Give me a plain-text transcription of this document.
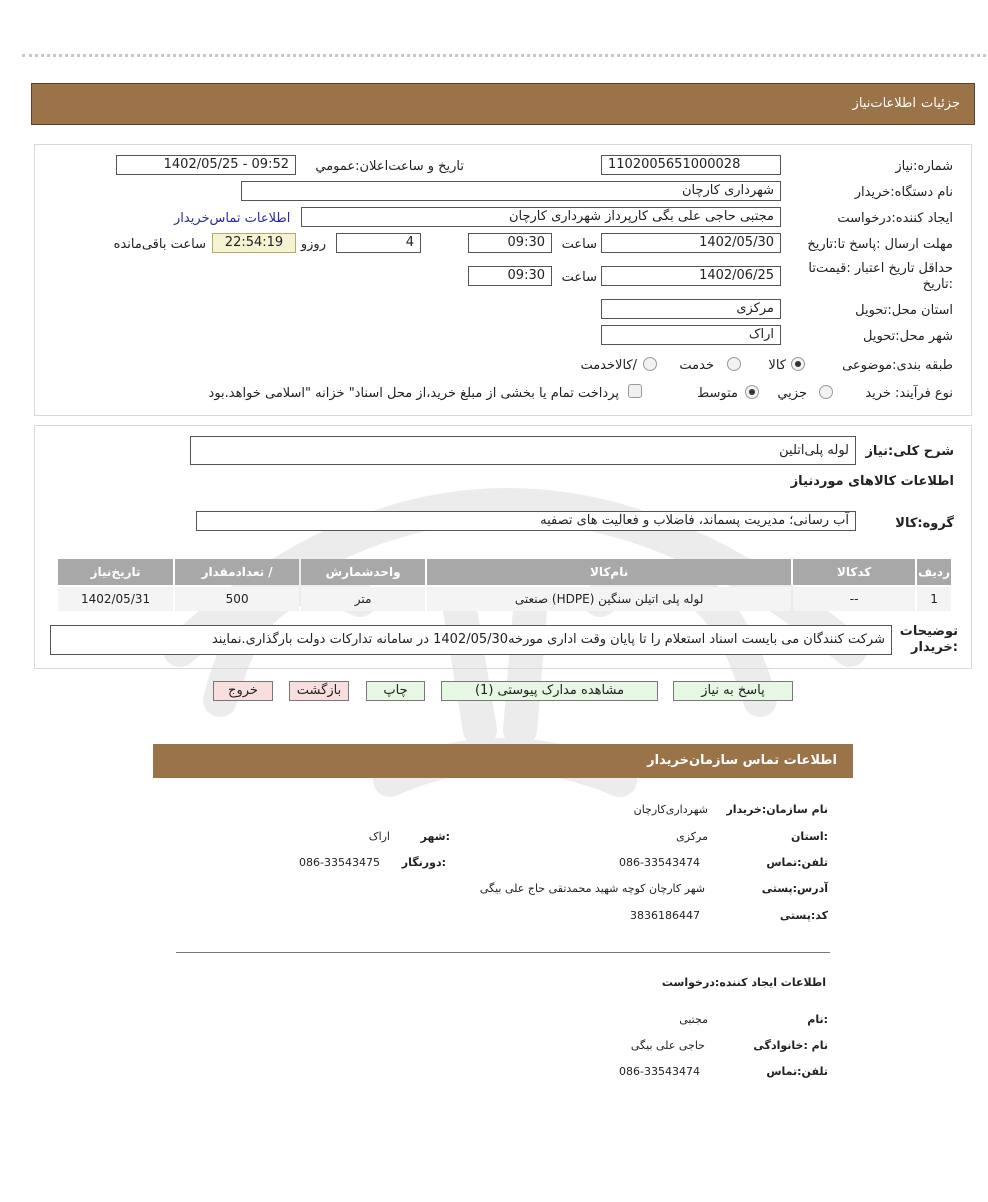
جزئیات
اطلاعات‌نیاز
شماره:نیاز
1102005651000028
تاریخ و ساعت‌اعلان:عمومي
1402/05/25 - 09:52
نام دستگاه:خریدار
شهرداری کارچان
ایجاد کننده:درخواست
مجتبی حاجی علی بگی کارپرداز شهرداری کارچان
اطلاعات تماس‌خریدار
مهلت ارسال :پاسخ تا:تاریخ
1402/05/30
ساعت
09:30
4
روزو
22:54:19
ساعت باقی‌مانده
حداقل تاریخ اعتبار :قیمت‌تا :تاریخ
1402/06/25
ساعت
09:30
استان محل:تحویل
مرکزی
شهر محل:تحویل
اراک
طبقه بندی:موضوعی
کالا
خدمت
/کالاخدمت
نوع فرآیند: خرید
جزیي
متوسط
پرداخت تمام یا بخشی از مبلغ خرید،از محل اسناد" خزانه "اسلامی خواهد.بود
شرح کلی:نیاز
لوله پلی‌اتلین
اطلاعات کالاهای موردنیاز
گروه:کالا
آب رسانی؛ مدیریت پسماند، فاضلاب و فعالیت های تصفیه
ردیف	کدکالا	نام‌کالا	واحدشمارش	/ تعدادمقدار	تاریخ‌نیاز
1	--	لوله پلی اتیلن سنگین (HDPE) صنعتی	متر	500	1402/05/31
توضیحات :خریدار
شرکت کنندگان می بایست اسناد استعلام را تا پایان وقت اداری مورخه1402/05/30 در سامانه تدارکات دولت بارگذاری.نمایند
پاسخ به نیاز
مشاهده مدارک پیوستی (1)
چاپ
بازگشت
خروج
اطلاعات تماس سازمان‌خریدار
نام سازمان:خریدار
شهرداری‌کارچان
:استان
مرکزی
:شهر
اراک
تلفن:تماس
086-33543474
:دورنگار
086-33543475
آدرس:پستی
شهر کارچان کوچه شهید محمدتقی حاج علی بیگی
کد:پستی
3836186447
اطلاعات ایجاد کننده:درخواست
:نام
مجتبی
نام :خانوادگی
حاجی علی بیگی
تلفن:تماس
086-33543474
